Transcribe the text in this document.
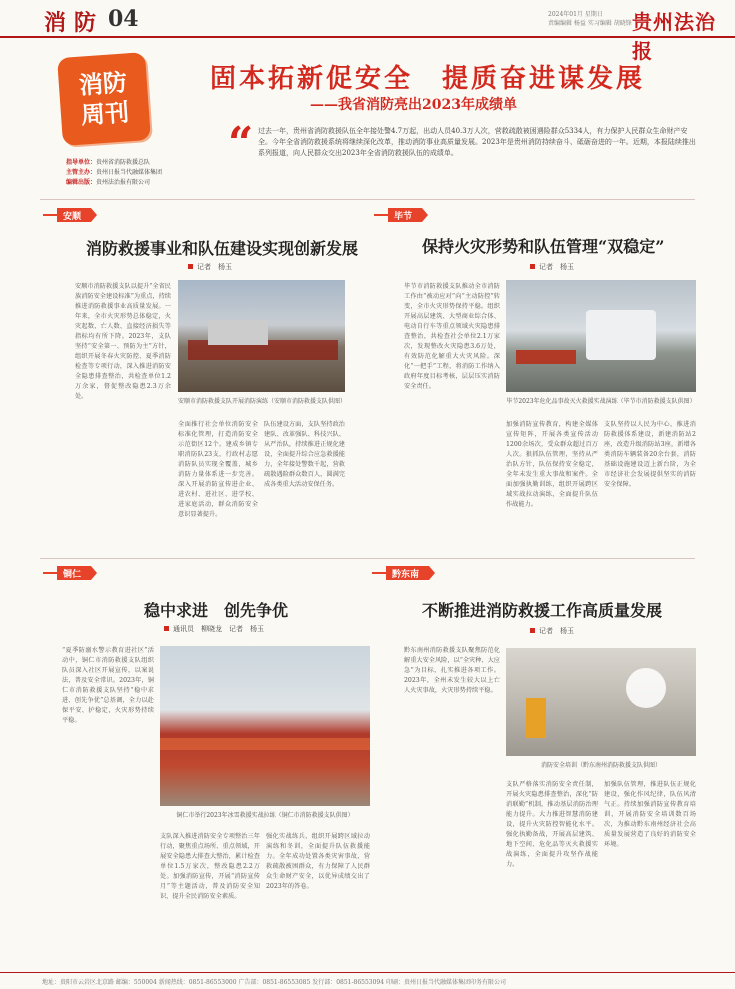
消防 04	2024年01月 星期日
责编编辑 杨益 实习编辑 胡晓锋 贵州法治报
消防
周刊
固本拓新促安全　提质奋进谋发展
——我省消防亮出2023年成绩单
“ 过去一年，贵州省消防救援队伍全年接处警4.7万起，出动人员40.3万人次，营救疏散被困遇险群众5334人，有力保护人民群众生命财产安全。今年全省消防救援系统将继续深化改革，推动消防事业高质量发展。2023年是贵州消防持续奋斗、砥砺奋进的一年。近期，本报陆续推出系列报道，向人民群众交出2023年全省消防救援队伍的成绩单。
指导单位：贵州省消防救援总队
主管主办：贵州日报当代融媒体集团
编辑出版：贵州法治报有限公司
安顺
消防救援事业和队伍建设实现创新发展
记者　杨玉
安顺市消防救援支队以提升“全省民族消防安全建设标准”为重点，持续推进消防救援事业高质量发展。一年来，全市火灾形势总体稳定，火灾起数、亡人数、直接经济损失等指标均有所下降。2023年，支队坚持“安全第一、预防为主”方针，组织开展冬春火灾防控、夏季消防检查等专项行动，深入推进消防安全隐患排查整治，共检查单位1.2万余家，督促整改隐患2.3万余处。
安顺市消防救援支队开展消防演练（安顺市消防救援支队供图）
全面推行社会单位消防安全标准化管理，打造消防安全示范街区12个。建成乡镇专职消防队23支，行政村志愿消防队员实现全覆盖，城乡消防力量体系进一步完善。深入开展消防宣传进企业、进农村、进社区、进学校、进家庭活动，群众消防安全意识显著提升。
队伍建设方面，支队坚持政治建队、改革强队、科技兴队、从严治队，持续推进正规化建设，全面提升综合应急救援能力，全年接处警数千起，营救疏散遇险群众数百人，圆满完成各类重大活动安保任务。
毕节
保持火灾形势和队伍管理“双稳定”
记者　杨玉
毕节市消防救援支队推动全市消防工作由“被动应对”向“主动防控”转变，全市火灾形势保持平稳。组织开展高层建筑、大型商业综合体、电动自行车等重点领域火灾隐患排查整治，共检查社会单位2.1万家次，发现整改火灾隐患3.6万处，有效防范化解重大火灾风险。深化“一把手”工程，将消防工作纳入政府年度目标考核，层层压实消防安全责任。
毕节2023年危化品事故灭火救援实战演练（毕节市消防救援支队供图）
加强消防宣传教育，构建全媒体宣传矩阵，开展各类宣传活动1200余场次，受众群众超过百万人次。狠抓队伍管理，坚持从严治队方针，队伍保持安全稳定，全年未发生重大事故和案件。全面加强执勤训练，组织开展跨区域实战拉动演练，全面提升队伍作战能力。
支队坚持以人民为中心，推进消防救援体系建设，新建消防站2座，改造升级消防站3座，新增各类消防车辆装备20余台套，消防基础设施建设迈上新台阶，为全市经济社会发展提供坚实的消防安全保障。
铜仁
稳中求进　创先争优
通讯员　柳晓龙　记者　杨玉
“夏季防溺水警示教育进社区”活动中，铜仁市消防救援支队组织队员深入社区开展宣传，以案说法，普及安全常识。2023年，铜仁市消防救援支队坚持“稳中求进、创先争优”总基调，全力以赴保平安、护稳定，火灾形势持续平稳。
铜仁市举行2023年冰雪救援实战拉练（铜仁市消防救援支队供图）
支队深入推进消防安全专项整治三年行动，聚焦重点场所、重点领域，开展安全隐患大排查大整治，累计检查单位1.5万家次，整改隐患2.2万处。加强消防宣传，开展“消防宣传月”等主题活动，普及消防安全知识，提升全民消防安全素质。
强化实战练兵，组织开展跨区域拉动演练和冬训，全面提升队伍救援能力。全年成功处置各类灾害事故，营救疏散被困群众，有力保障了人民群众生命财产安全，以优异成绩交出了2023年的答卷。
黔东南
不断推进消防救援工作高质量发展
记者　杨玉
黔东南州消防救援支队聚焦防范化解重大安全风险，以“全灾种、大应急”为目标，扎实推进各项工作。2023年，全州未发生较大以上亡人火灾事故，火灾形势持续平稳。
消防安全培训（黔东南州消防救援支队供图）
支队严格落实消防安全责任制，开展火灾隐患排查整治，深化“防消联勤”机制，推动基层消防治理能力提升。大力推进智慧消防建设，提升火灾防控智能化水平。强化执勤备战，开展高层建筑、地下空间、危化品等灭火救援实战演练，全面提升攻坚作战能力。
加强队伍管理，推进队伍正规化建设，强化作风纪律，队伍风清气正。持续加强消防宣传教育培训，开展消防安全培训数百场次，为推动黔东南州经济社会高质量发展营造了良好的消防安全环境。
地址：贵阳市云岩区北京路 邮编：550004 新闻热线：0851-86553000 广告部：0851-86553085 发行部：0851-86553094 印刷：贵州日报当代融媒体集团印务有限公司
